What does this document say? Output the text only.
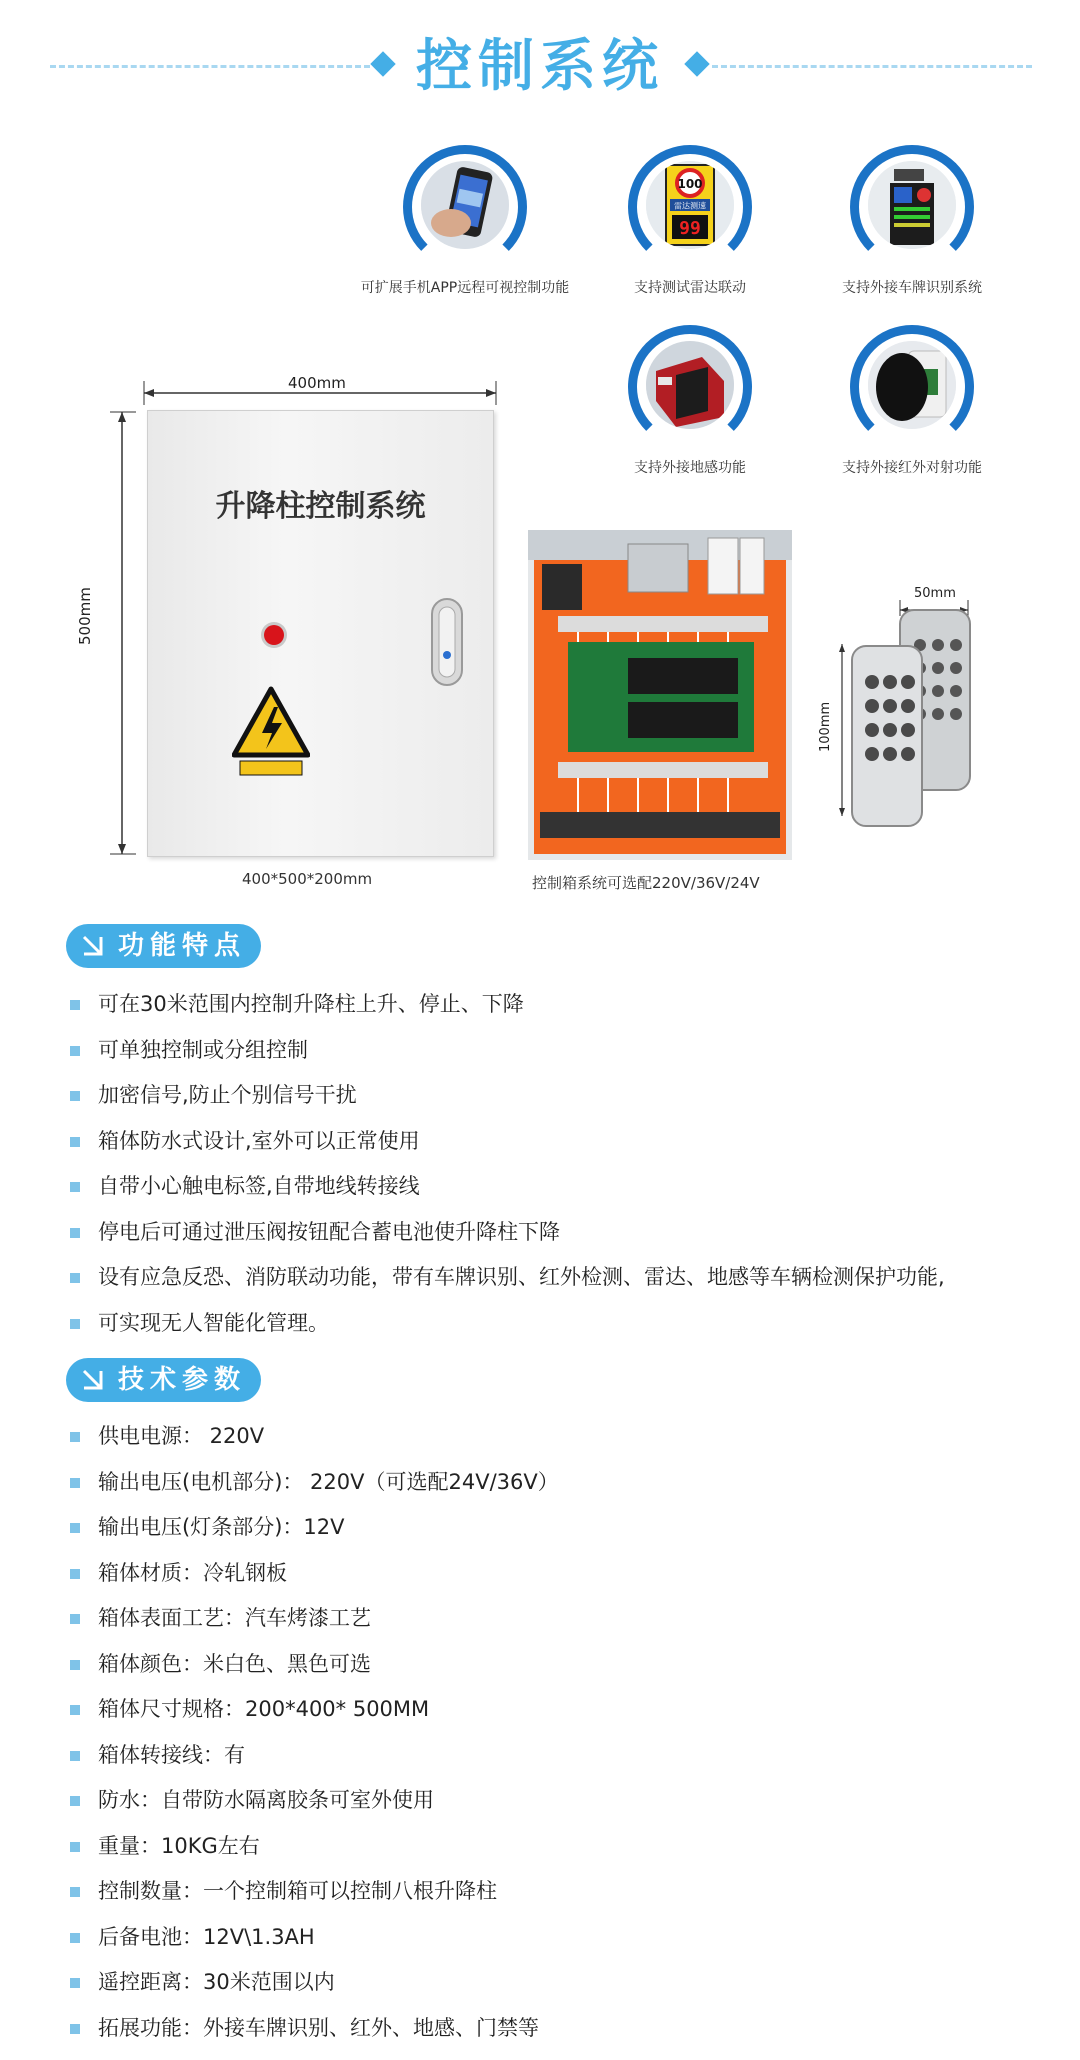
控制系统
可扩展手机APP远程可视控制功能
100
雷达测速
99
支持测试雷达联动	支持外接车牌识别系统
支持外接地感功能	支持外接红外对射功能
400mm
500mm
升降柱控制系统
400*500*200mm	控制箱系统可选配220V/36V/24V
50mm
100mm
功能特点
可在30米范围内控制升降柱上升、停止、下降
可单独控制或分组控制
加密信号,防止个别信号干扰
箱体防水式设计,室外可以正常使用
自带小心触电标签,自带地线转接线
停电后可通过泄压阀按钮配合蓄电池使升降柱下降
设有应急反恐、消防联动功能，带有车牌识别、红外检测、雷达、地感等车辆检测保护功能,
可实现无人智能化管理。
技术参数
供电电源： 220V
输出电压(电机部分)： 220V（可选配24V/36V）
输出电压(灯条部分)：12V
箱体材质：冷轧钢板
箱体表面工艺：汽车烤漆工艺
箱体颜色：米白色、黑色可选
箱体尺寸规格：200*400* 500MM
箱体转接线：有
防水：自带防水隔离胶条可室外使用
重量：10KG左右
控制数量：一个控制箱可以控制八根升降柱
后备电池：12V\1.3AH
遥控距离：30米范围以内
拓展功能：外接车牌识别、红外、地感、门禁等
